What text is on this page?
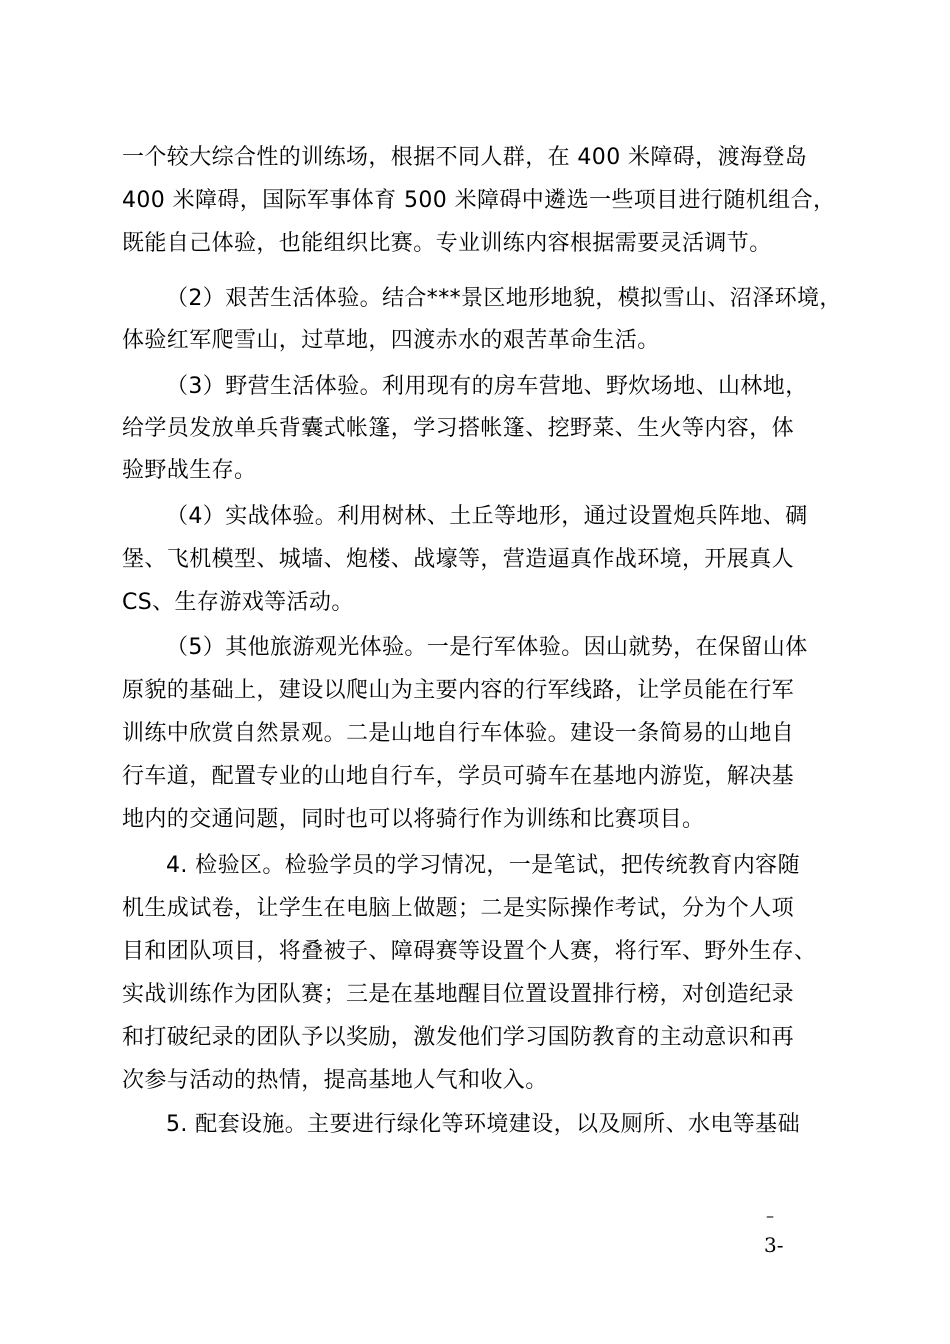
一个较大综合性的训练场，根据不同人群，在 400 米障碍，渡海登岛
400 米障碍，国际军事体育 500 米障碍中遴选一些项目进行随机组合，
既能自己体验，也能组织比赛。专业训练内容根据需要灵活调节。
（2）艰苦生活体验。结合***景区地形地貌，模拟雪山、沼泽环境，
体验红军爬雪山，过草地，四渡赤水的艰苦革命生活。
（3）野营生活体验。利用现有的房车营地、野炊场地、山林地，
给学员发放单兵背囊式帐篷，学习搭帐篷、挖野菜、生火等内容，体
验野战生存。
（4）实战体验。利用树林、土丘等地形，通过设置炮兵阵地、碉
堡、飞机模型、城墙、炮楼、战壕等，营造逼真作战环境，开展真人
CS、生存游戏等活动。
（5）其他旅游观光体验。一是行军体验。因山就势，在保留山体
原貌的基础上，建设以爬山为主要内容的行军线路，让学员能在行军
训练中欣赏自然景观。二是山地自行车体验。建设一条简易的山地自
行车道，配置专业的山地自行车，学员可骑车在基地内游览，解决基
地内的交通问题，同时也可以将骑行作为训练和比赛项目。
4. 检验区。检验学员的学习情况，一是笔试，把传统教育内容随
机生成试卷，让学生在电脑上做题；二是实际操作考试，分为个人项
目和团队项目，将叠被子、障碍赛等设置个人赛，将行军、野外生存、
实战训练作为团队赛；三是在基地醒目位置设置排行榜，对创造纪录
和打破纪录的团队予以奖励，激发他们学习国防教育的主动意识和再
次参与活动的热情，提高基地人气和收入。
5. 配套设施。主要进行绿化等环境建设，以及厕所、水电等基础
–
3-
